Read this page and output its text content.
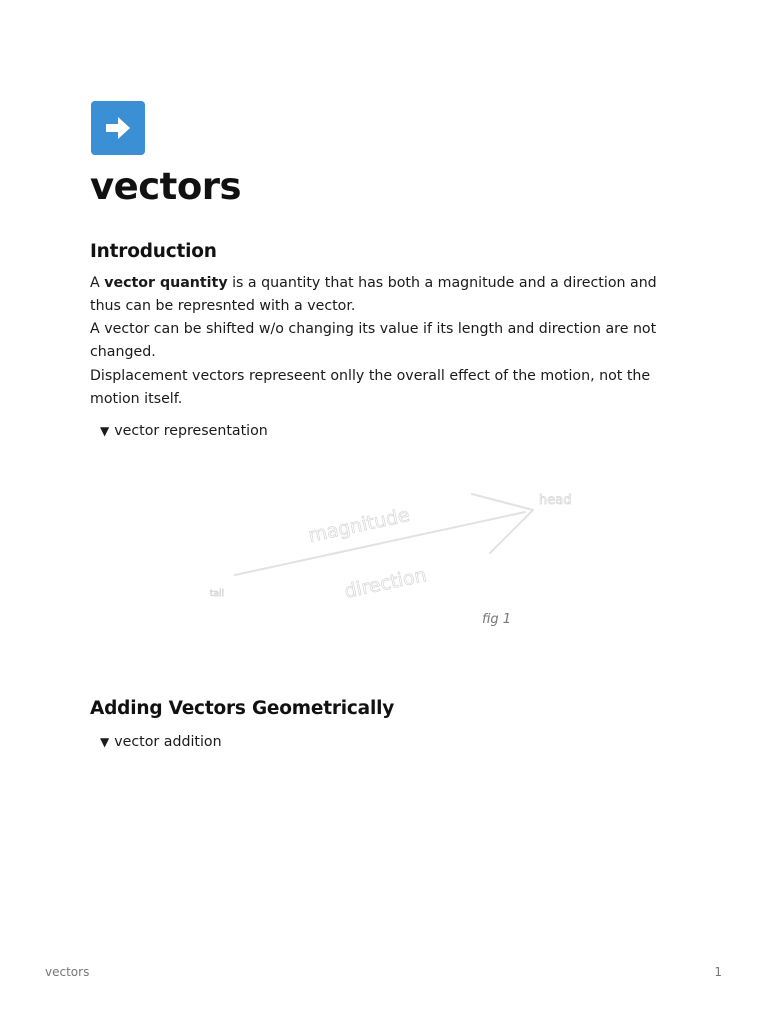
vectors
Introduction

A vector quantity is a quantity that has both a magnitude and a direction and thus can be represnted with a vector.

A vector can be shifted w/o changing its value if its length and direction are not changed.

Displacement vectors represeent onlly the overall effect of the motion, not the motion itself.

▼ vector representation
magnitude
direction
head
tail
fig 1
Adding Vectors Geometrically
▼ vector addition
vectors	1
